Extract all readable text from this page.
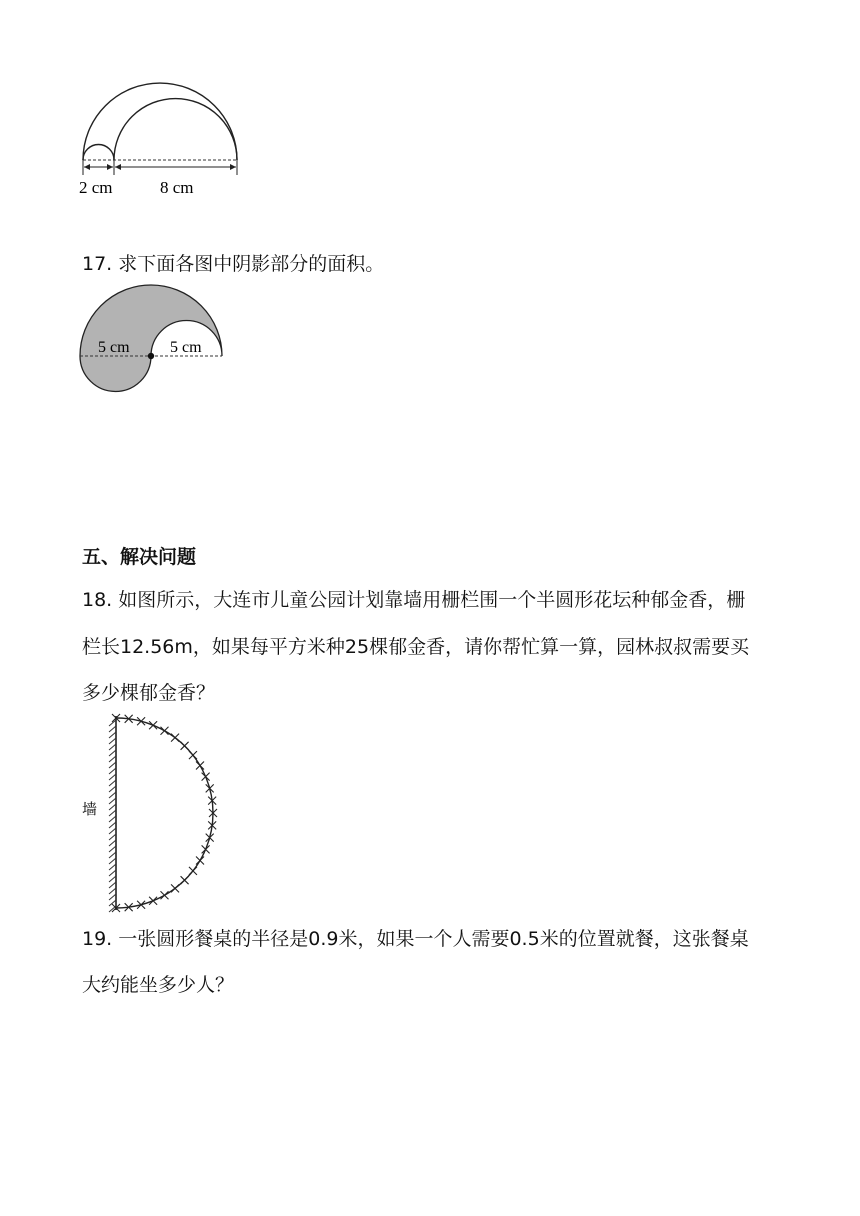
2 cm	8 cm
17. 求下面各图中阴影部分的面积。
5 cm	5 cm
五、解决问题
18. 如图所示，大连市儿童公园计划靠墙用栅栏围一个半圆形花坛种郁金香，栅
栏长12.56m，如果每平方米种25棵郁金香，请你帮忙算一算，园林叔叔需要买
多少棵郁金香？
墙
19. 一张圆形餐桌的半径是0.9米，如果一个人需要0.5米的位置就餐，这张餐桌
大约能坐多少人？
